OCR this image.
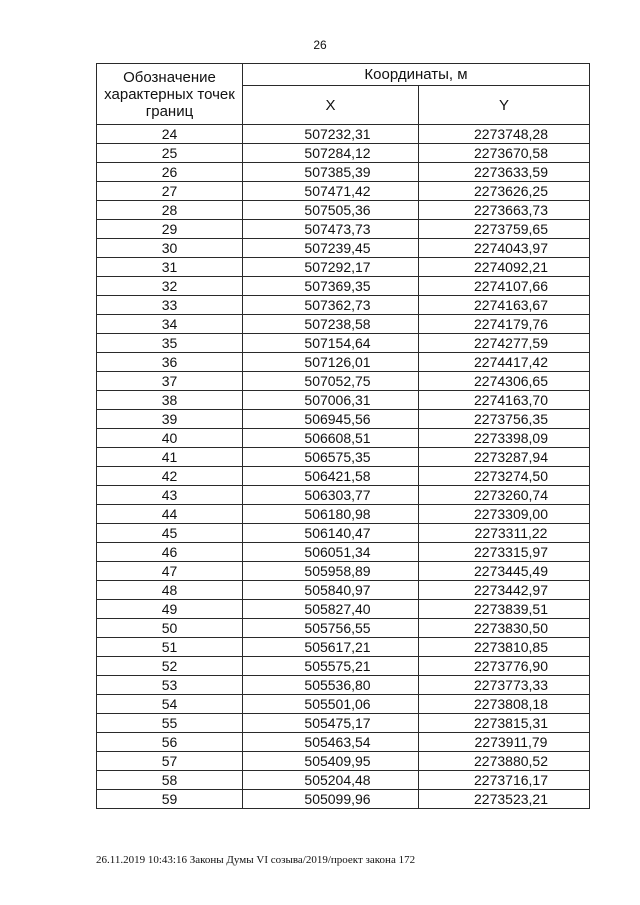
26
Обозначение характерных точек границ	Координаты, м	
	X	Y
24	507232,31	2273748,28
25	507284,12	2273670,58
26	507385,39	2273633,59
27	507471,42	2273626,25
28	507505,36	2273663,73
29	507473,73	2273759,65
30	507239,45	2274043,97
31	507292,17	2274092,21
32	507369,35	2274107,66
33	507362,73	2274163,67
34	507238,58	2274179,76
35	507154,64	2274277,59
36	507126,01	2274417,42
37	507052,75	2274306,65
38	507006,31	2274163,70
39	506945,56	2273756,35
40	506608,51	2273398,09
41	506575,35	2273287,94
42	506421,58	2273274,50
43	506303,77	2273260,74
44	506180,98	2273309,00
45	506140,47	2273311,22
46	506051,34	2273315,97
47	505958,89	2273445,49
48	505840,97	2273442,97
49	505827,40	2273839,51
50	505756,55	2273830,50
51	505617,21	2273810,85
52	505575,21	2273776,90
53	505536,80	2273773,33
54	505501,06	2273808,18
55	505475,17	2273815,31
56	505463,54	2273911,79
57	505409,95	2273880,52
58	505204,48	2273716,17
59	505099,96	2273523,21
26.11.2019 10:43:16 Законы Думы VI созыва/2019/проект закона 172
